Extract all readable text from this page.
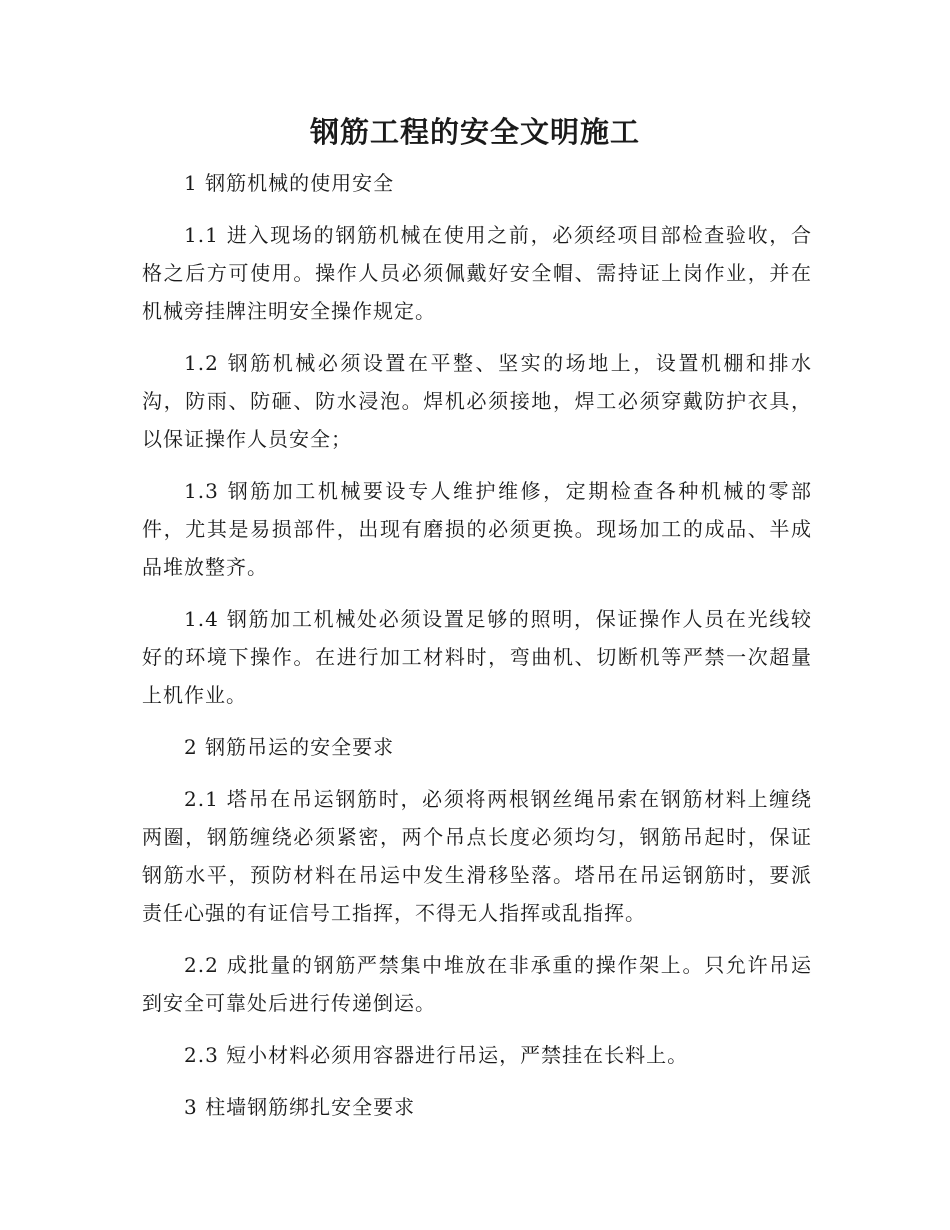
钢筋工程的安全文明施工

1 钢筋机械的使用安全

1.1 进入现场的钢筋机械在使用之前，必须经项目部检查验收，合格之后方可使用。操作人员必须佩戴好安全帽、需持证上岗作业，并在机械旁挂牌注明安全操作规定。

1.2 钢筋机械必须设置在平整、坚实的场地上，设置机棚和排水沟，防雨、防砸、防水浸泡。焊机必须接地，焊工必须穿戴防护衣具，以保证操作人员安全；

1.3 钢筋加工机械要设专人维护维修，定期检查各种机械的零部件，尤其是易损部件，出现有磨损的必须更换。现场加工的成品、半成品堆放整齐。

1.4 钢筋加工机械处必须设置足够的照明，保证操作人员在光线较好的环境下操作。在进行加工材料时，弯曲机、切断机等严禁一次超量上机作业。

2 钢筋吊运的安全要求

2.1 塔吊在吊运钢筋时，必须将两根钢丝绳吊索在钢筋材料上缠绕两圈，钢筋缠绕必须紧密，两个吊点长度必须均匀，钢筋吊起时，保证钢筋水平，预防材料在吊运中发生滑移坠落。塔吊在吊运钢筋时，要派责任心强的有证信号工指挥，不得无人指挥或乱指挥。

2.2 成批量的钢筋严禁集中堆放在非承重的操作架上。只允许吊运到安全可靠处后进行传递倒运。

2.3 短小材料必须用容器进行吊运，严禁挂在长料上。

3 柱墙钢筋绑扎安全要求
